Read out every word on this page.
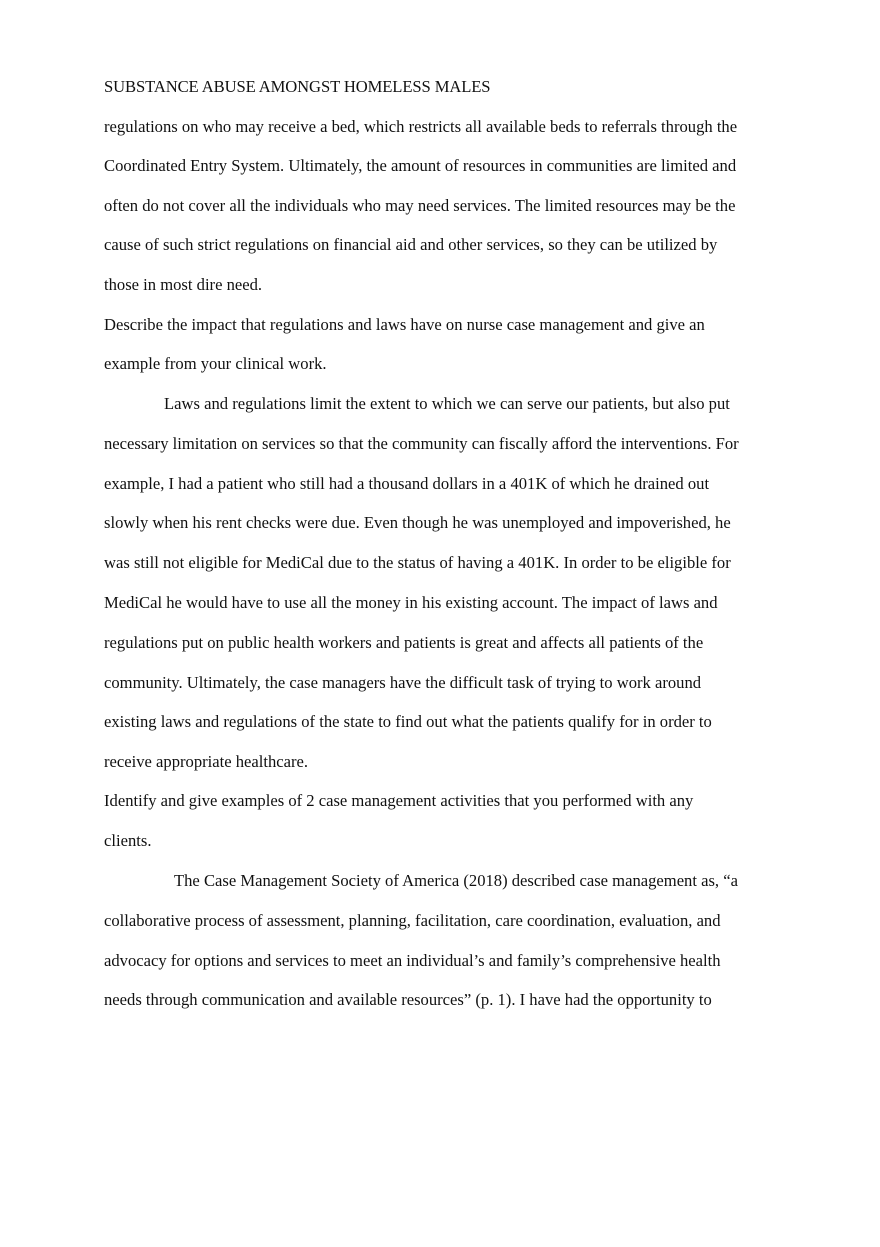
SUBSTANCE ABUSE AMONGST HOMELESS MALES
regulations on who may receive a bed, which restricts all available beds to referrals through the
Coordinated Entry System. Ultimately, the amount of resources in communities are limited and
often do not cover all the individuals who may need services. The limited resources may be the
cause of such strict regulations on financial aid and other services, so they can be utilized by
those in most dire need.
Describe the impact that regulations and laws have on nurse case management and give an
example from your clinical work.
Laws and regulations limit the extent to which we can serve our patients, but also put
necessary limitation on services so that the community can fiscally afford the interventions. For
example, I had a patient who still had a thousand dollars in a 401K of which he drained out
slowly when his rent checks were due. Even though he was unemployed and impoverished, he
was still not eligible for MediCal due to the status of having a 401K. In order to be eligible for
MediCal he would have to use all the money in his existing account. The impact of laws and
regulations put on public health workers and patients is great and affects all patients of the
community. Ultimately, the case managers have the difficult task of trying to work around
existing laws and regulations of the state to find out what the patients qualify for in order to
receive appropriate healthcare.
Identify and give examples of 2 case management activities that you performed with any
clients.
The Case Management Society of America (2018) described case management as, “a
collaborative process of assessment, planning, facilitation, care coordination, evaluation, and
advocacy for options and services to meet an individual’s and family’s comprehensive health
needs through communication and available resources” (p. 1). I have had the opportunity to
